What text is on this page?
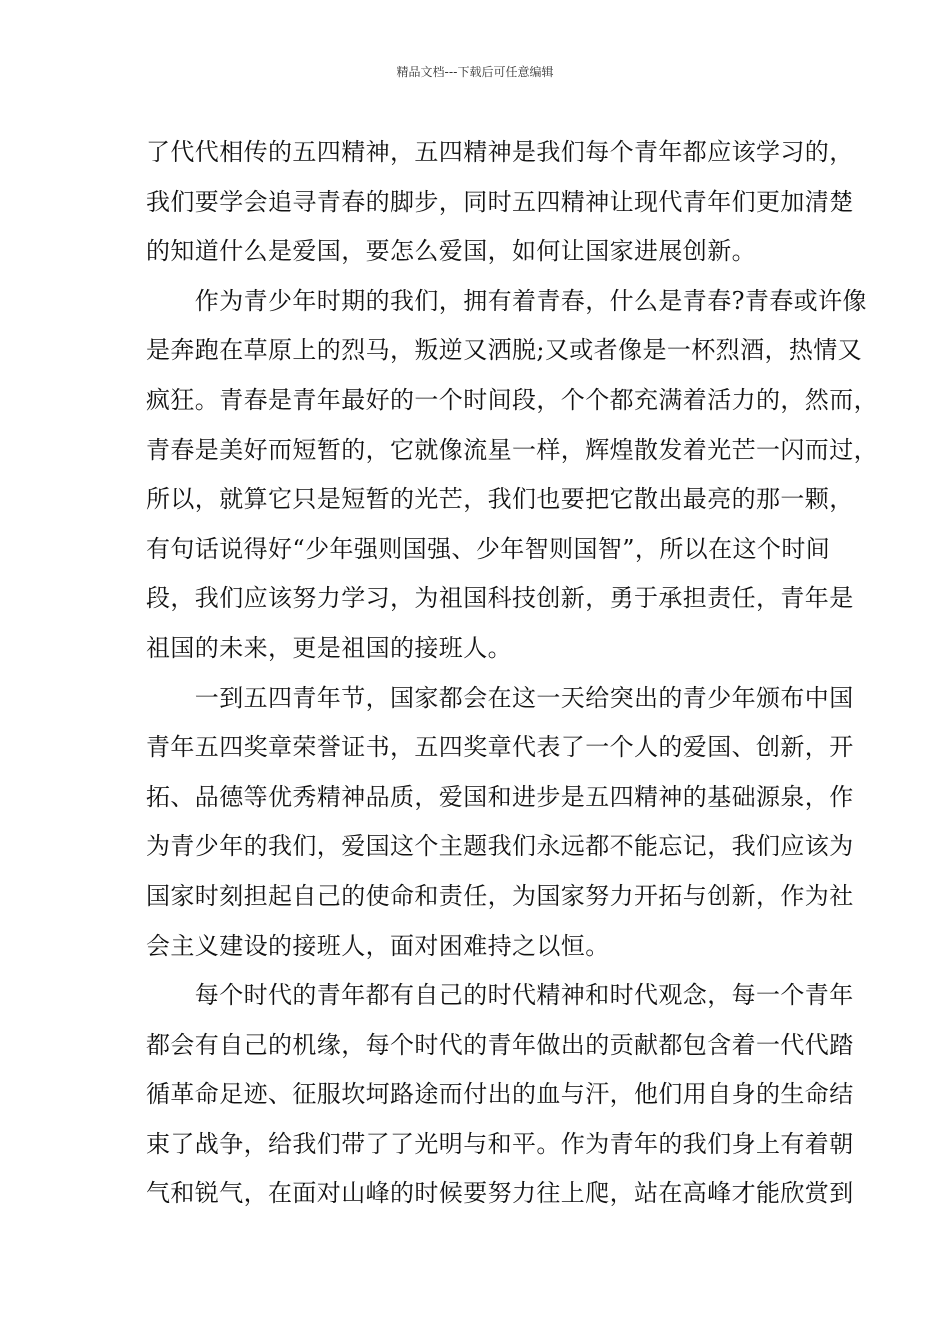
精品文档---下载后可任意编辑
了代代相传的五四精神，五四精神是我们每个青年都应该学习的，
我们要学会追寻青春的脚步，同时五四精神让现代青年们更加清楚
的知道什么是爱国，要怎么爱国，如何让国家进展创新。
　　作为青少年时期的我们，拥有着青春，什么是青春?青春或许像
是奔跑在草原上的烈马，叛逆又洒脱;又或者像是一杯烈酒，热情又
疯狂。青春是青年最好的一个时间段，个个都充满着活力的，然而，
青春是美好而短暂的，它就像流星一样，辉煌散发着光芒一闪而过，
所以，就算它只是短暂的光芒，我们也要把它散出最亮的那一颗，
有句话说得好“少年强则国强、少年智则国智”，所以在这个时间
段，我们应该努力学习，为祖国科技创新，勇于承担责任，青年是
祖国的未来，更是祖国的接班人。
　　一到五四青年节，国家都会在这一天给突出的青少年颁布中国
青年五四奖章荣誉证书，五四奖章代表了一个人的爱国、创新，开
拓、品德等优秀精神品质，爱国和进步是五四精神的基础源泉，作
为青少年的我们，爱国这个主题我们永远都不能忘记，我们应该为
国家时刻担起自己的使命和责任，为国家努力开拓与创新，作为社
会主义建设的接班人，面对困难持之以恒。
　　每个时代的青年都有自己的时代精神和时代观念，每一个青年
都会有自己的机缘，每个时代的青年做出的贡献都包含着一代代踏
循革命足迹、征服坎坷路途而付出的血与汗，他们用自身的生命结
束了战争，给我们带了了光明与和平。作为青年的我们身上有着朝
气和锐气，在面对山峰的时候要努力往上爬，站在高峰才能欣赏到
